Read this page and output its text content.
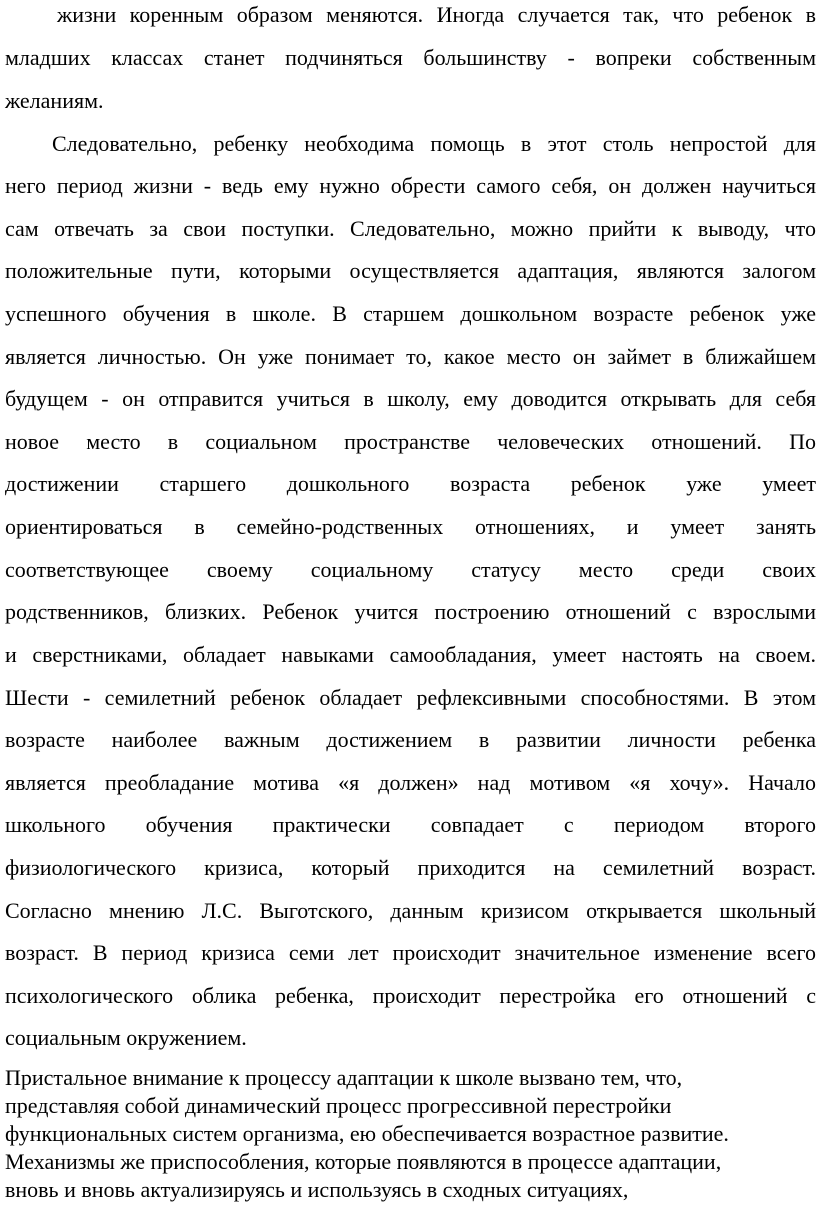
жизни коренным образом меняются. Иногда случается так, что ребенок в
младших классах станет подчиняться большинству - вопреки собственным
желаниям.
Следовательно, ребенку необходима помощь в этот столь непростой для
него период жизни - ведь ему нужно обрести самого себя, он должен научиться
сам отвечать за свои поступки. Следовательно, можно прийти к выводу, что
положительные пути, которыми осуществляется адаптация, являются залогом
успешного обучения в школе. В старшем дошкольном возрасте ребенок уже
является личностью. Он уже понимает то, какое место он займет в ближайшем
будущем - он отправится учиться в школу, ему доводится открывать для себя
новое место в социальном пространстве человеческих отношений. По
достижении старшего дошкольного возраста ребенок уже умеет
ориентироваться в семейно-родственных отношениях, и умеет занять
соответствующее своему социальному статусу место среди своих
родственников, близких. Ребенок учится построению отношений с взрослыми
и сверстниками, обладает навыками самообладания, умеет настоять на своем.
Шести - семилетний ребенок обладает рефлексивными способностями. В этом
возрасте наиболее важным достижением в развитии личности ребенка
является преобладание мотива «я должен» над мотивом «я хочу». Начало
школьного обучения практически совпадает с периодом второго
физиологического кризиса, который приходится на семилетний возраст.
Согласно мнению Л.С. Выготского, данным кризисом открывается школьный
возраст. В период кризиса семи лет происходит значительное изменение всего
психологического облика ребенка, происходит перестройка его отношений с
социальным окружением.
Пристальное внимание к процессу адаптации к школе вызвано тем, что,
представляя собой динамический процесс прогрессивной перестройки
функциональных систем организма, ею обеспечивается возрастное развитие.
Механизмы же приспособления, которые появляются в процессе адаптации,
вновь и вновь актуализируясь и используясь в сходных ситуациях,
